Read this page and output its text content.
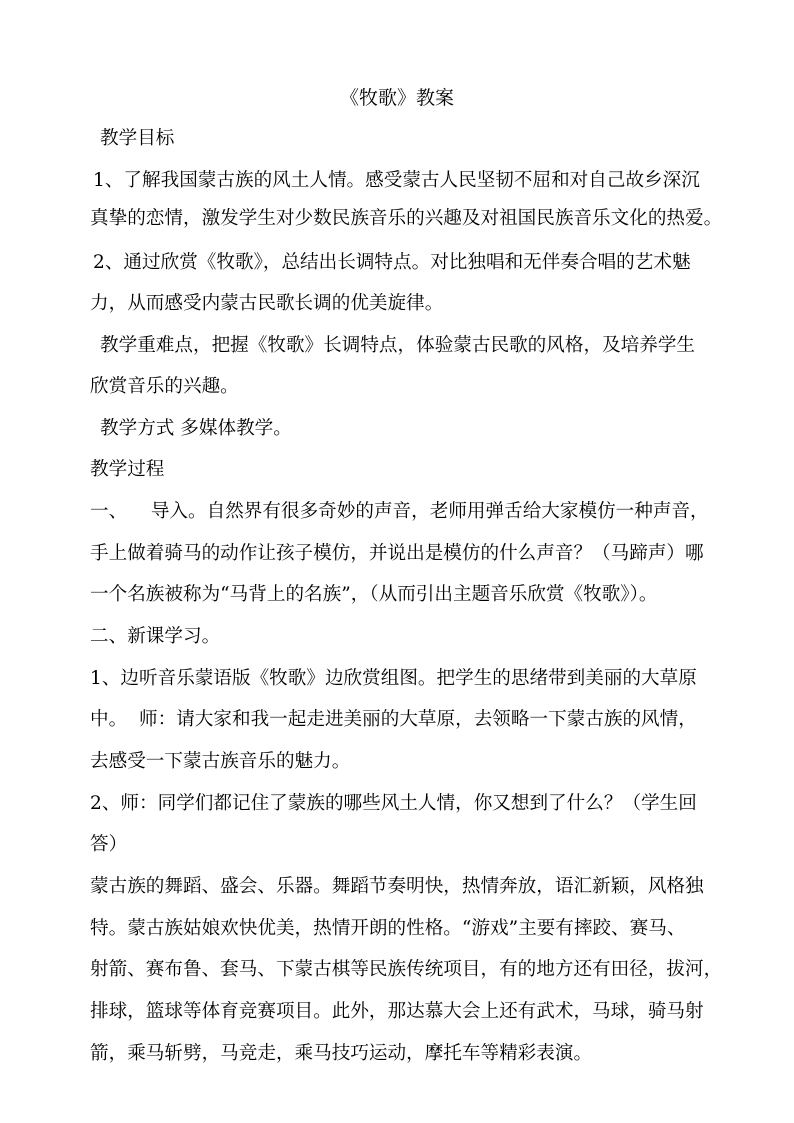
《牧歌》教案
教学目标
1、了解我国蒙古族的风土人情。感受蒙古人民坚韧不屈和对自己故乡深沉
真挚的恋情，激发学生对少数民族音乐的兴趣及对祖国民族音乐文化的热爱。
2、通过欣赏《牧歌》，总结出长调特点。对比独唱和无伴奏合唱的艺术魅
力，从而感受内蒙古民歌长调的优美旋律。
教学重难点，把握《牧歌》长调特点，体验蒙古民歌的风格，及培养学生
欣赏音乐的兴趣。
教学方式 多媒体教学。
教学过程
一、    导入。自然界有很多奇妙的声音，老师用弹舌给大家模仿一种声音，
手上做着骑马的动作让孩子模仿，并说出是模仿的什么声音？（马蹄声）哪
一个名族被称为“马背上的名族”，（从而引出主题音乐欣赏《牧歌》）。
二、新课学习。
1、边听音乐蒙语版《牧歌》边欣赏组图。把学生的思绪带到美丽的大草原
中。  师：请大家和我一起走进美丽的大草原，去领略一下蒙古族的风情，
去感受一下蒙古族音乐的魅力。
2、师：同学们都记住了蒙族的哪些风土人情，你又想到了什么？（学生回
答）
蒙古族的舞蹈、盛会、乐器。舞蹈节奏明快，热情奔放，语汇新颖，风格独
特。蒙古族姑娘欢快优美，热情开朗的性格。“游戏”主要有摔跤、赛马、
射箭、赛布鲁、套马、下蒙古棋等民族传统项目，有的地方还有田径，拔河，
排球，篮球等体育竞赛项目。此外，那达慕大会上还有武术，马球，骑马射
箭，乘马斩劈，马竞走，乘马技巧运动，摩托车等精彩表演。
